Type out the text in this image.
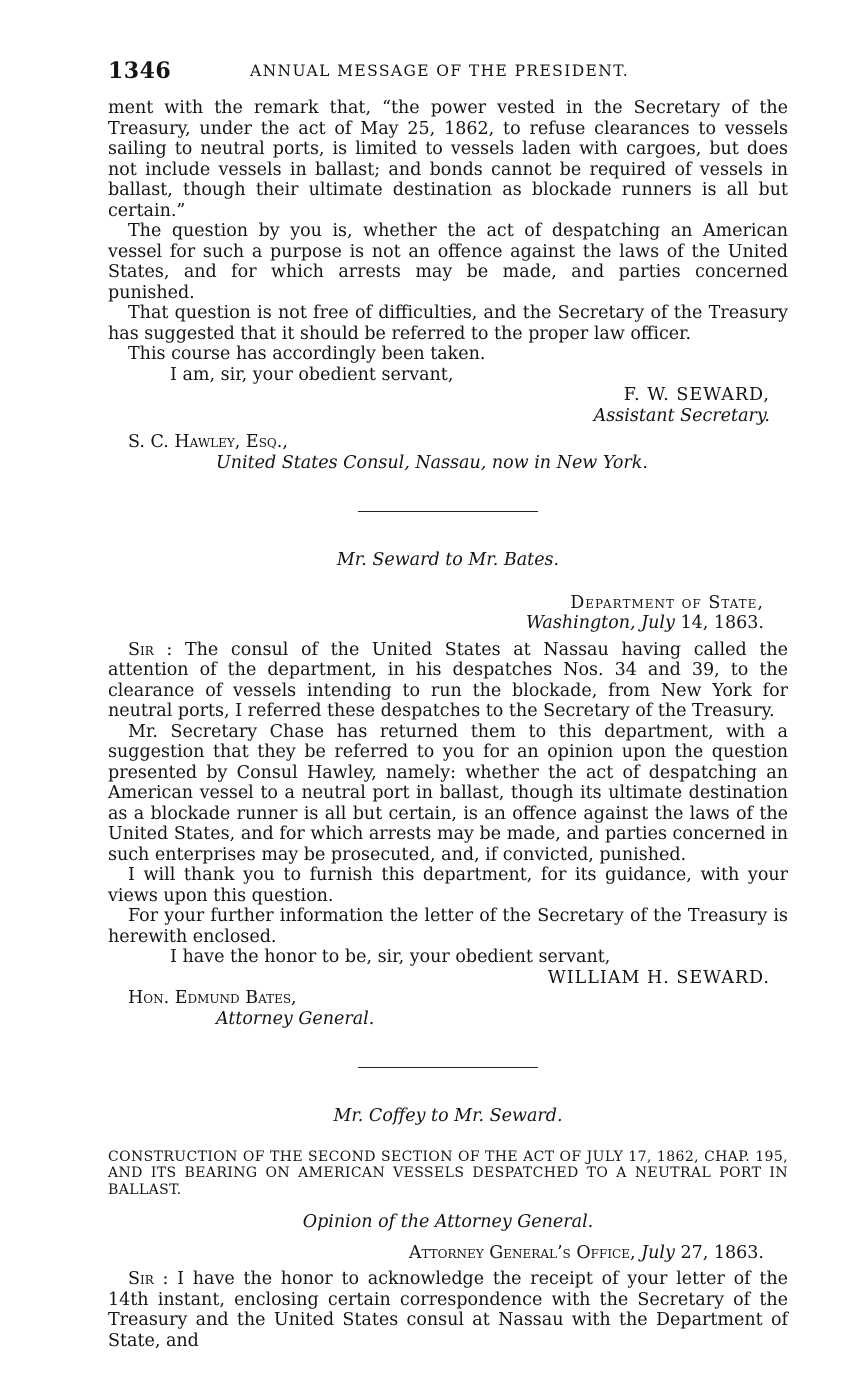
1346	ANNUAL MESSAGE OF THE PRESIDENT.

ment with the remark that, “the power vested in the Secretary of the Treasury, under the act of May 25, 1862, to refuse clearances to vessels sailing to neutral ports, is limited to vessels laden with cargoes, but does not include vessels in ballast; and bonds cannot be required of vessels in ballast, though their ultimate destination as blockade runners is all but certain.”

The question by you is, whether the act of despatching an American vessel for such a purpose is not an offence against the laws of the United States, and for which arrests may be made, and parties concerned punished.

That question is not free of difficulties, and the Secretary of the Treasury has suggested that it should be referred to the proper law officer.

This course has accordingly been taken.

I am, sir, your obedient servant,

F. W. SEWARD,

Assistant Secretary.

S. C. Hawley, Esq.,

United States Consul, Nassau, now in New York.

Mr. Seward to Mr. Bates.

Department of State,

Washington, July 14, 1863.

Sir : The consul of the United States at Nassau having called the attention of the department, in his despatches Nos. 34 and 39, to the clearance of vessels intending to run the blockade, from New York for neutral ports, I referred these despatches to the Secretary of the Treasury.

Mr. Secretary Chase has returned them to this department, with a suggestion that they be referred to you for an opinion upon the question presented by Consul Hawley, namely: whether the act of despatching an American vessel to a neutral port in ballast, though its ultimate destination as a blockade runner is all but certain, is an offence against the laws of the United States, and for which arrests may be made, and parties concerned in such enterprises may be prosecuted, and, if convicted, punished.

I will thank you to furnish this department, for its guidance, with your views upon this question.

For your further information the letter of the Secretary of the Treasury is herewith enclosed.

I have the honor to be, sir, your obedient servant,

WILLIAM H. SEWARD.

Hon. Edmund Bates,

Attorney General.

Mr. Coffey to Mr. Seward.

CONSTRUCTION OF THE SECOND SECTION OF THE ACT OF JULY 17, 1862, CHAP. 195, AND ITS BEARING ON AMERICAN VESSELS DESPATCHED TO A NEUTRAL PORT IN BALLAST.

Opinion of the Attorney General.

Attorney General’s Office, July 27, 1863.

Sir : I have the honor to acknowledge the receipt of your letter of the 14th instant, enclosing certain correspondence with the Secretary of the Treasury and the United States consul at Nassau with the Department of State, and
